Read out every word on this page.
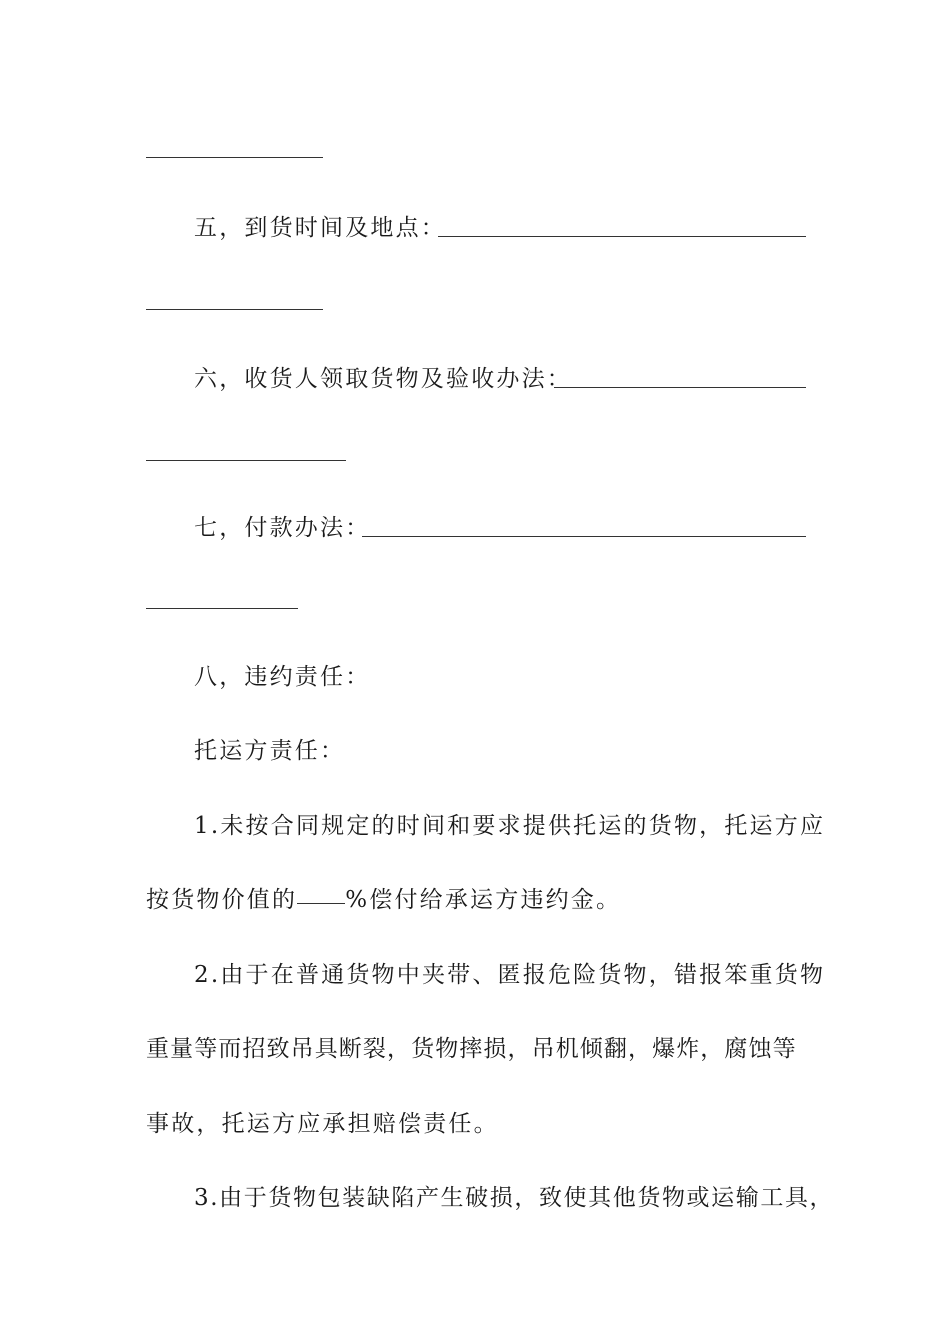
五，到货时间及地点：
六，收货人领取货物及验收办法：
七，付款办法：
八，违约责任：
托运方责任：
1.未按合同规定的时间和要求提供托运的货物，托运方应
按货物价值的 %偿付给承运方违约金。
2.由于在普通货物中夹带、匿报危险货物，错报笨重货物
重量等而招致吊具断裂，货物摔损，吊机倾翻，爆炸，腐蚀等
事故，托运方应承担赔偿责任。
3.由于货物包装缺陷产生破损，致使其他货物或运输工具，
